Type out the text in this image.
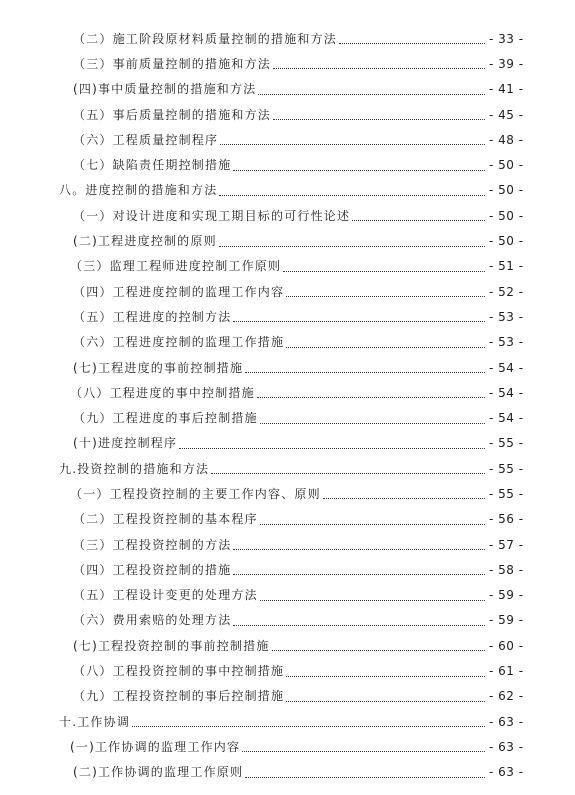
（二）施工阶段原材料质量控制的措施和方法	- 33 -
（三）事前质量控制的措施和方法	- 39 -
(四)事中质量控制的措施和方法	- 41 -
（五）事后质量控制的措施和方法	- 45 -
（六）工程质量控制程序	- 48 -
（七）缺陷责任期控制措施	- 50 -
八。进度控制的措施和方法	- 50 -
（一）对设计进度和实现工期目标的可行性论述	- 50 -
(二)工程进度控制的原则	- 50 -
（三）监理工程师进度控制工作原则	- 51 -
（四）工程进度控制的监理工作内容	- 52 -
（五）工程进度的控制方法	- 53 -
（六）工程进度控制的监理工作措施	- 53 -
(七)工程进度的事前控制措施	- 54 -
（八）工程进度的事中控制措施	- 54 -
（九）工程进度的事后控制措施	- 54 -
(十)进度控制程序	- 55 -
九.投资控制的措施和方法	- 55 -
（一）工程投资控制的主要工作内容、原则	- 55 -
（二）工程投资控制的基本程序	- 56 -
（三）工程投资控制的方法	- 57 -
（四）工程投资控制的措施	- 58 -
（五）工程设计变更的处理方法	- 59 -
（六）费用索赔的处理方法	- 59 -
(七)工程投资控制的事前控制措施	- 60 -
（八）工程投资控制的事中控制措施	- 61 -
（九）工程投资控制的事后控制措施	- 62 -
十.工作协调	- 63 -
(一)工作协调的监理工作内容	- 63 -
(二)工作协调的监理工作原则	- 63 -
